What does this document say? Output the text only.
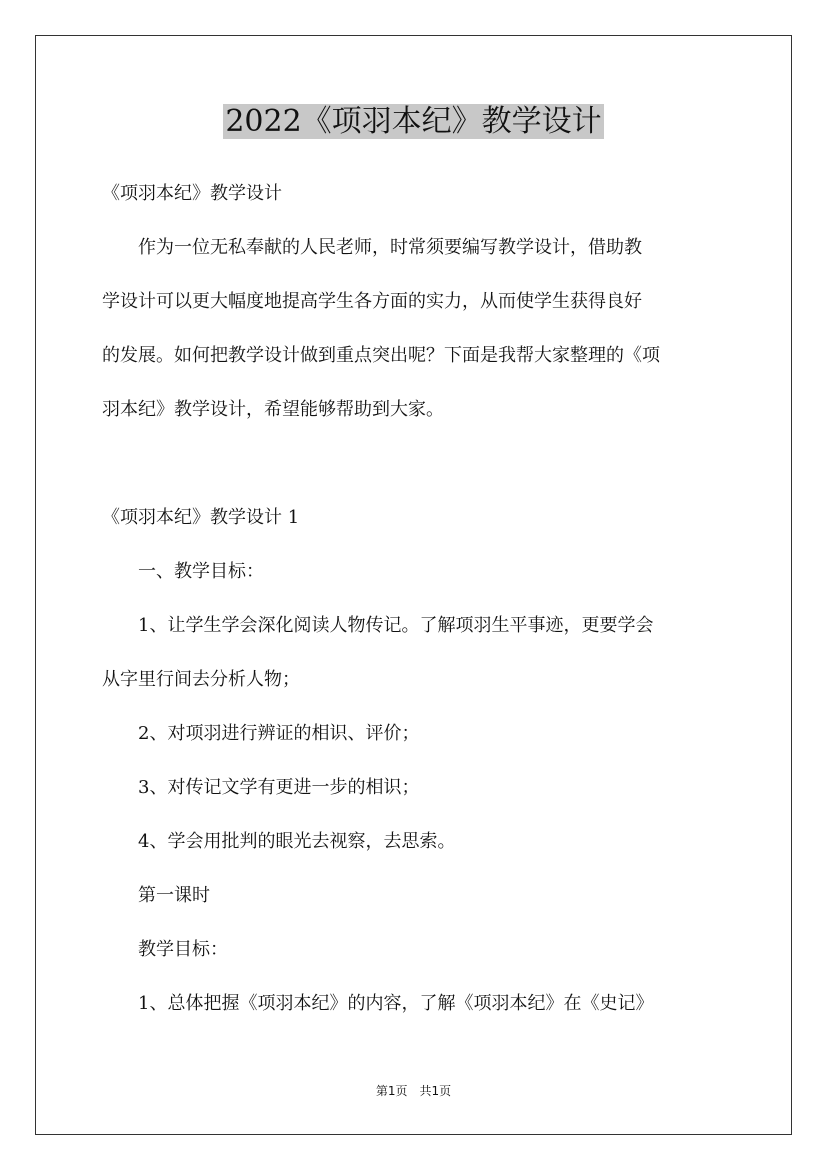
2022《项羽本纪》教学设计
《项羽本纪》教学设计
　　作为一位无私奉献的人民老师，时常须要编写教学设计，借助教
学设计可以更大幅度地提高学生各方面的实力，从而使学生获得良好
的发展。如何把教学设计做到重点突出呢？下面是我帮大家整理的《项
羽本纪》教学设计，希望能够帮助到大家。
《项羽本纪》教学设计 1
　　一、教学目标：
　　1、让学生学会深化阅读人物传记。了解项羽生平事迹，更要学会
从字里行间去分析人物；
　　2、对项羽进行辨证的相识、评价；
　　3、对传记文学有更进一步的相识；
　　4、学会用批判的眼光去视察，去思索。
　　第一课时
　　教学目标：
　　1、总体把握《项羽本纪》的内容，了解《项羽本纪》在《史记》
第1页　共1页
